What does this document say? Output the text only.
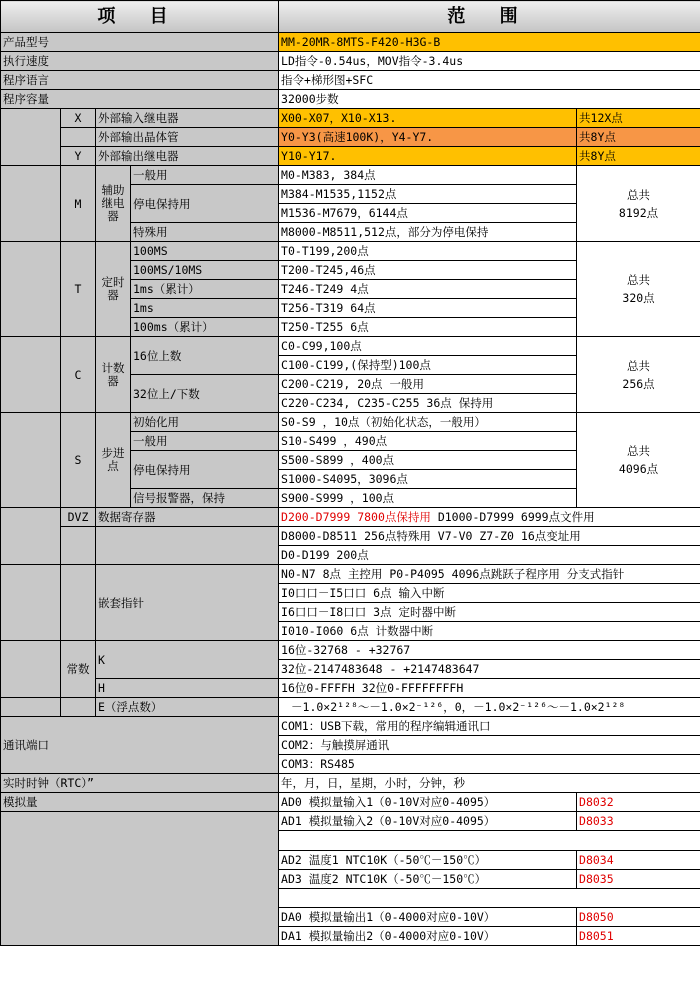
项 目				范 围	
产品型号				MM-20MR-8MTS-F420-H3G-B	
执行速度				LD指令-0.54us，MOV指令-3.4us	
程序语言				指令+梯形图+SFC	
程序容量				32000步数	
	X	外部输入继电器		X00-X07，X10-X13.	共12X点
		外部输出晶体管		Y0-Y3(高速100K)，Y4-Y7.	共8Y点
	Y	外部输出继电器		Y10-Y17.	共8Y点
	M	辅助继电器	一般用	M0-M383, 384点	总共
8192点

			停电保持用	M384-M1535,1152点	
				M1536-M7679，6144点	
			特殊用	M8000-M8511,512点，部分为停电保持	
	T	定时器	100MS	T0-T199,200点	总共
320点

			100MS/10MS	T200-T245,46点	
			1ms（累计）	T246-T249 4点	
			1ms	T256-T319 64点	
			100ms（累计）	T250-T255 6点	
	C	计数器	16位上数	C0-C99,100点	总共
256点

				C100-C199,(保持型)100点	
			32位上/下数	C200-C219, 20点 一般用	
				C220-C234, C235-C255 36点 保持用	
	S	步进点	初始化用	S0-S9 ，10点（初始化状态，一般用）	总共
4096点

			一般用	S10-S499 ，490点	
			停电保持用	S500-S899 ，400点	
				S1000-S4095，3096点	
			信号报警器，保持	S900-S999 ，100点	
	DVZ	数据寄存器		D200-D7999 7800点保持用 D1000-D7999 6999点文件用	
				D8000-D8511 256点特殊用 V7-V0 Z7-Z0 16点变址用	
				D0-D199 200点	
		嵌套指针		N0-N7 8点 主控用 P0-P4095 4096点跳跃子程序用 分支式指针	
				I0口口－I5口口 6点 输入中断	
				I6口口－I8口口 3点 定时器中断	
				I010-I060 6点 计数器中断	
	常数	K		16位-32768 - +32767	
				32位-2147483648 - +2147483647	
		H		16位0-FFFFH 32位0-FFFFFFFFH	
		E（浮点数）		－1.0×2¹²⁸～－1.0×2⁻¹²⁶，0，－1.0×2⁻¹²⁶～－1.0×2¹²⁸	
通讯端口				COM1：USB下载，常用的程序编辑通讯口	
				COM2：与触摸屏通讯	
				COM3：RS485	
实时时钟（RTC）”				年，月，日，星期，小时，分钟，秒	
模拟量				AD0 模拟量输入1（0-10V对应0-4095）	D8032
				AD1 模拟量输入2（0-10V对应0-4095）	D8033

				AD2 温度1 NTC10K（-50℃－150℃）	D8034
				AD3 温度2 NTC10K（-50℃－150℃）	D8035

				DA0 模拟量输出1（0-4000对应0-10V）	D8050
				DA1 模拟量输出2（0-4000对应0-10V）	D8051
